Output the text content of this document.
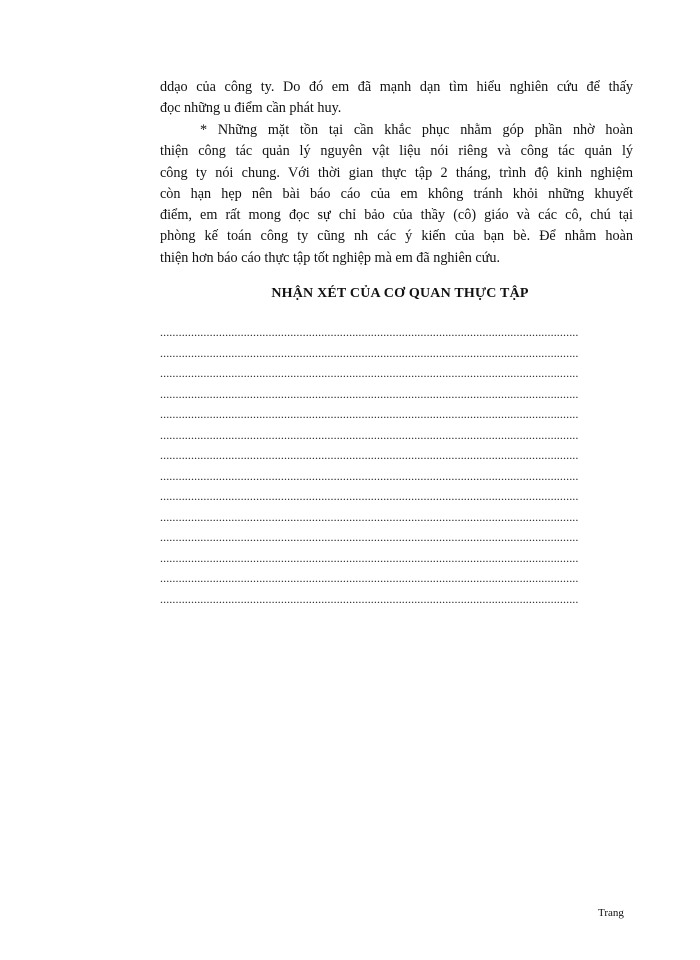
ddạo của công ty. Do đó em đã mạnh dạn tìm hiểu nghiên cứu để thấy
đọc những u điểm cần phát huy.
* Những mặt tồn tại cần khắc phục nhằm góp phần nhờ hoàn
thiện công tác quản lý nguyên vật liệu nói riêng và công tác quản lý
công ty nói chung. Với thời gian thực tập 2 tháng, trình độ kinh nghiệm
còn hạn hẹp nên bài báo cáo của em không tránh khỏi những khuyết
điểm, em rất mong đọc sự chỉ bảo của thầy (cô) giáo và các cô, chú tại
phòng kế toán công ty cũng nh các ý kiến của bạn bè. Để nhằm hoàn
thiện hơn báo cáo thực tập tốt nghiệp mà em đã nghiên cứu.
NHẬN XÉT CỦA CƠ QUAN THỰC TẬP
.......................................................................................................................................
.......................................................................................................................................
.......................................................................................................................................
.......................................................................................................................................
.......................................................................................................................................
.......................................................................................................................................
.......................................................................................................................................
.......................................................................................................................................
.......................................................................................................................................
.......................................................................................................................................
.......................................................................................................................................
.......................................................................................................................................
.......................................................................................................................................
.......................................................................................................................................
Trang
